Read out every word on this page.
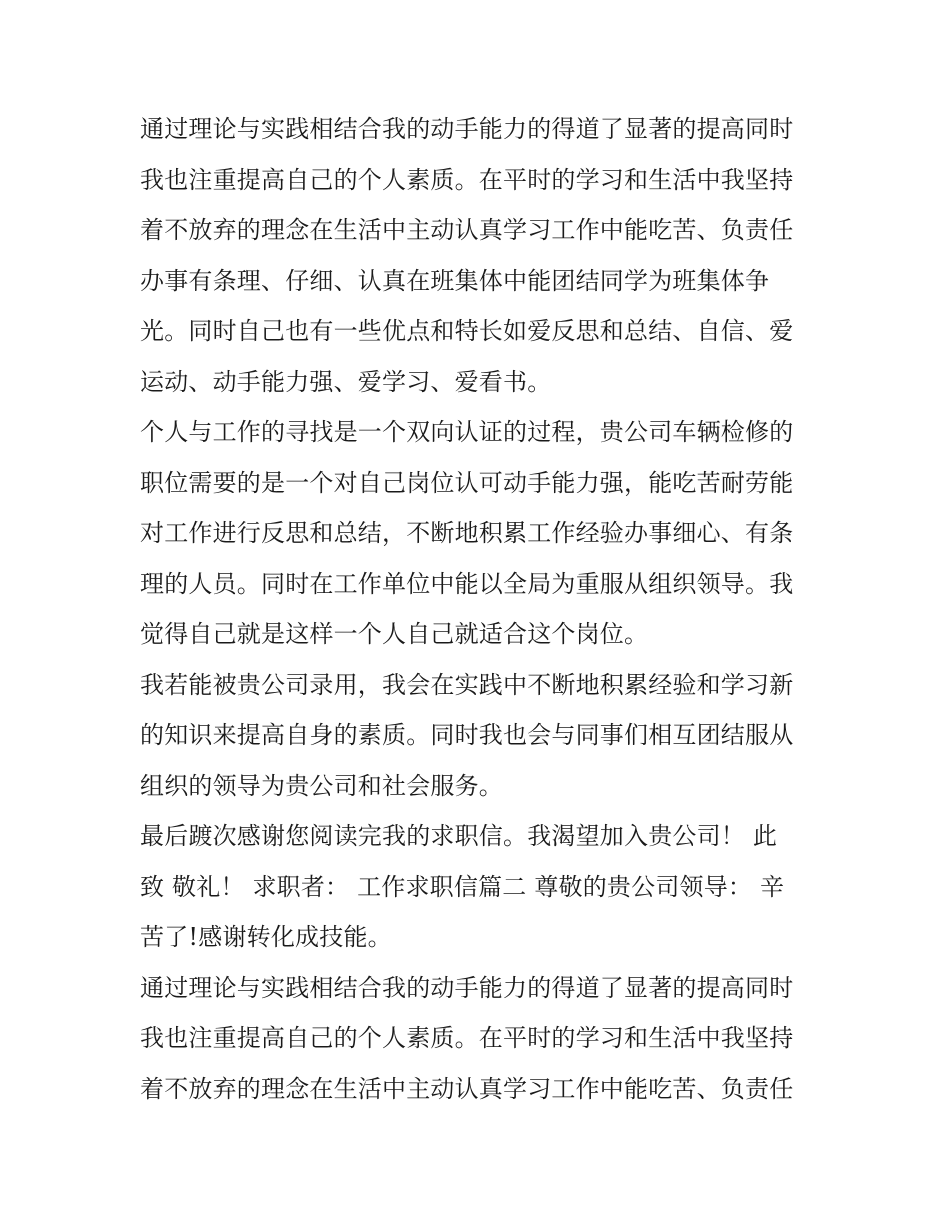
通过理论与实践相结合我的动手能力的得道了显著的提高同时
我也注重提高自己的个人素质。在平时的学习和生活中我坚持
着不放弃的理念在生活中主动认真学习工作中能吃苦、负责任
办事有条理、仔细、认真在班集体中能团结同学为班集体争
光。同时自己也有一些优点和特长如爱反思和总结、自信、爱
运动、动手能力强、爱学习、爱看书。

个人与工作的寻找是一个双向认证的过程，贵公司车辆检修的
职位需要的是一个对自己岗位认可动手能力强，能吃苦耐劳能
对工作进行反思和总结，不断地积累工作经验办事细心、有条
理的人员。同时在工作单位中能以全局为重服从组织领导。我
觉得自己就是这样一个人自己就适合这个岗位。

我若能被贵公司录用，我会在实践中不断地积累经验和学习新
的知识来提高自身的素质。同时我也会与同事们相互团结服从
组织的领导为贵公司和社会服务。

最后踱次感谢您阅读完我的求职信。我渴望加入贵公司！ 此
致 敬礼！ 求职者： 工作求职信篇二 尊敬的贵公司领导： 辛
苦了!感谢转化成技能。

通过理论与实践相结合我的动手能力的得道了显著的提高同时
我也注重提高自己的个人素质。在平时的学习和生活中我坚持
着不放弃的理念在生活中主动认真学习工作中能吃苦、负责任
